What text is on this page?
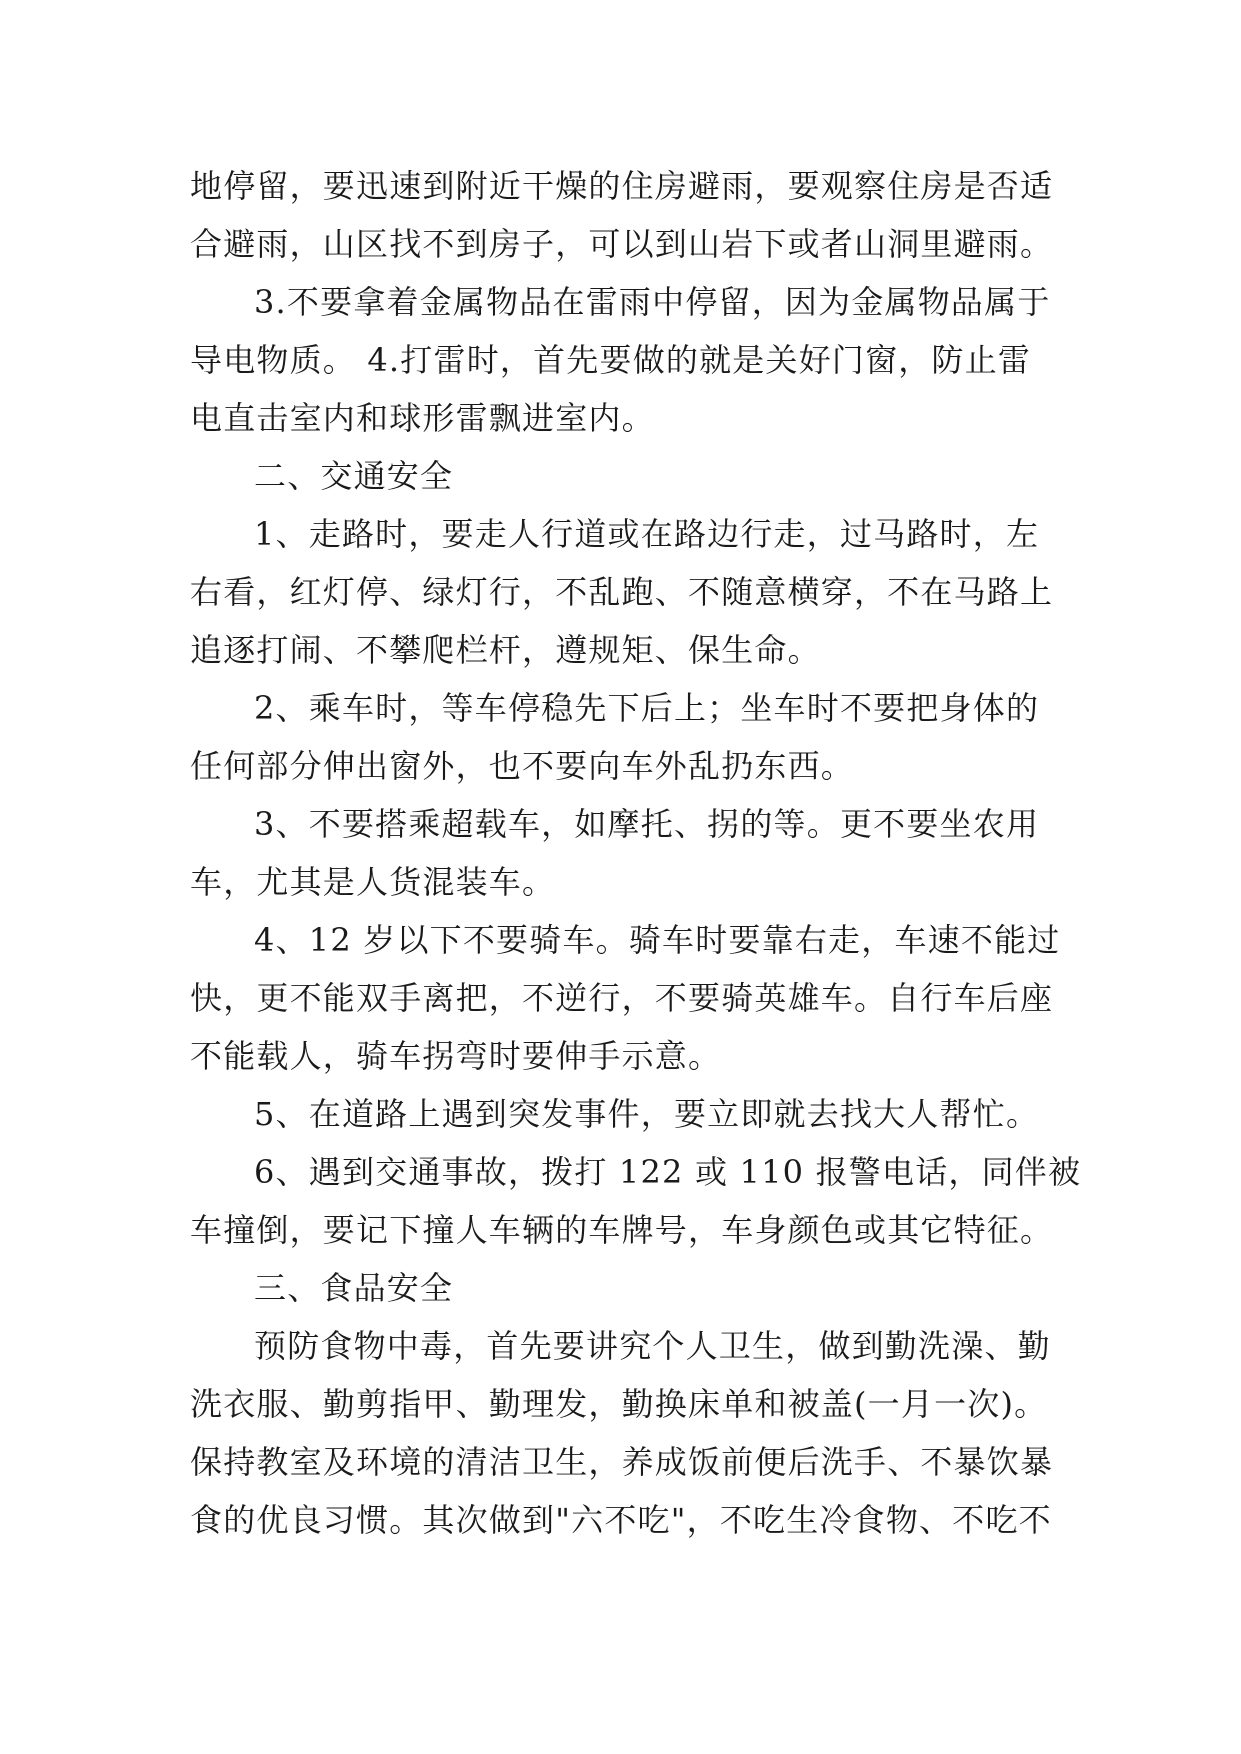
地停留，要迅速到附近干燥的住房避雨，要观察住房是否适
合避雨，山区找不到房子，可以到山岩下或者山洞里避雨。
3.不要拿着金属物品在雷雨中停留，因为金属物品属于
导电物质。 4.打雷时，首先要做的就是关好门窗，防止雷
电直击室内和球形雷飘进室内。
二、交通安全
1、走路时，要走人行道或在路边行走，过马路时，左
右看，红灯停、绿灯行，不乱跑、不随意横穿，不在马路上
追逐打闹、不攀爬栏杆，遵规矩、保生命。
2、乘车时，等车停稳先下后上；坐车时不要把身体的
任何部分伸出窗外，也不要向车外乱扔东西。
3、不要搭乘超载车，如摩托、拐的等。更不要坐农用
车，尤其是人货混装车。
4、12 岁以下不要骑车。骑车时要靠右走，车速不能过
快，更不能双手离把，不逆行，不要骑英雄车。自行车后座
不能载人，骑车拐弯时要伸手示意。
5、在道路上遇到突发事件，要立即就去找大人帮忙。
6、遇到交通事故，拨打 122 或 110 报警电话，同伴被
车撞倒，要记下撞人车辆的车牌号，车身颜色或其它特征。
三、食品安全
预防食物中毒，首先要讲究个人卫生，做到勤洗澡、勤
洗衣服、勤剪指甲、勤理发，勤换床单和被盖(一月一次)。
保持教室及环境的清洁卫生，养成饭前便后洗手、不暴饮暴
食的优良习惯。其次做到"六不吃"，不吃生冷食物、不吃不
